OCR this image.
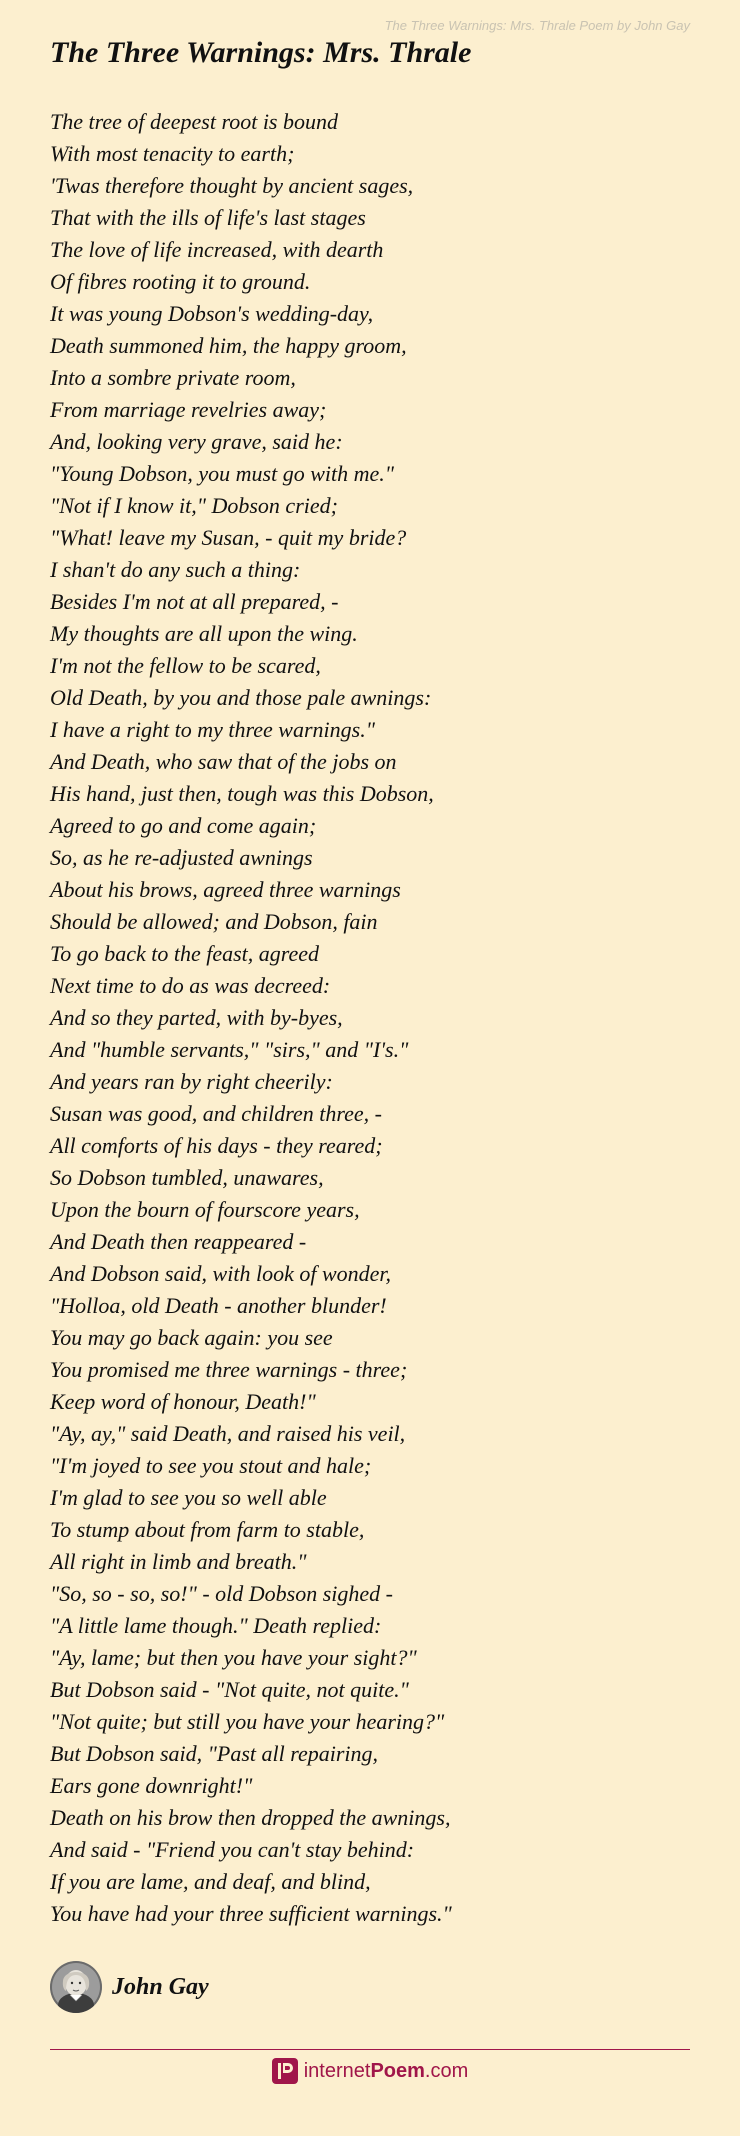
The Three Warnings: Mrs. Thrale Poem by John Gay
The Three Warnings: Mrs. Thrale
The tree of deepest root is bound
With most tenacity to earth;
'Twas therefore thought by ancient sages,
That with the ills of life's last stages
The love of life increased, with dearth
Of fibres rooting it to ground.
It was young Dobson's wedding-day,
Death summoned him, the happy groom,
Into a sombre private room,
From marriage revelries away;
And, looking very grave, said he:
"Young Dobson, you must go with me."
"Not if I know it," Dobson cried;
"What! leave my Susan, - quit my bride?
I shan't do any such a thing:
Besides I'm not at all prepared, -
My thoughts are all upon the wing.
I'm not the fellow to be scared,
Old Death, by you and those pale awnings:
I have a right to my three warnings."
And Death, who saw that of the jobs on
His hand, just then, tough was this Dobson,
Agreed to go and come again;
So, as he re-adjusted awnings
About his brows, agreed three warnings
Should be allowed; and Dobson, fain
To go back to the feast, agreed
Next time to do as was decreed:
And so they parted, with by-byes,
And "humble servants," "sirs," and "I's."
And years ran by right cheerily:
Susan was good, and children three, -
All comforts of his days - they reared;
So Dobson tumbled, unawares,
Upon the bourn of fourscore years,
And Death then reappeared -
And Dobson said, with look of wonder,
"Holloa, old Death - another blunder!
You may go back again: you see
You promised me three warnings - three;
Keep word of honour, Death!"
"Ay, ay," said Death, and raised his veil,
"I'm joyed to see you stout and hale;
I'm glad to see you so well able
To stump about from farm to stable,
All right in limb and breath."
"So, so - so, so!" - old Dobson sighed -
"A little lame though." Death replied:
"Ay, lame; but then you have your sight?"
But Dobson said - "Not quite, not quite."
"Not quite; but still you have your hearing?"
But Dobson said, "Past all repairing,
Ears gone downright!"
Death on his brow then dropped the awnings,
And said - "Friend you can't stay behind:
If you are lame, and deaf, and blind,
You have had your three sufficient warnings."
John Gay
internetPoem.com
